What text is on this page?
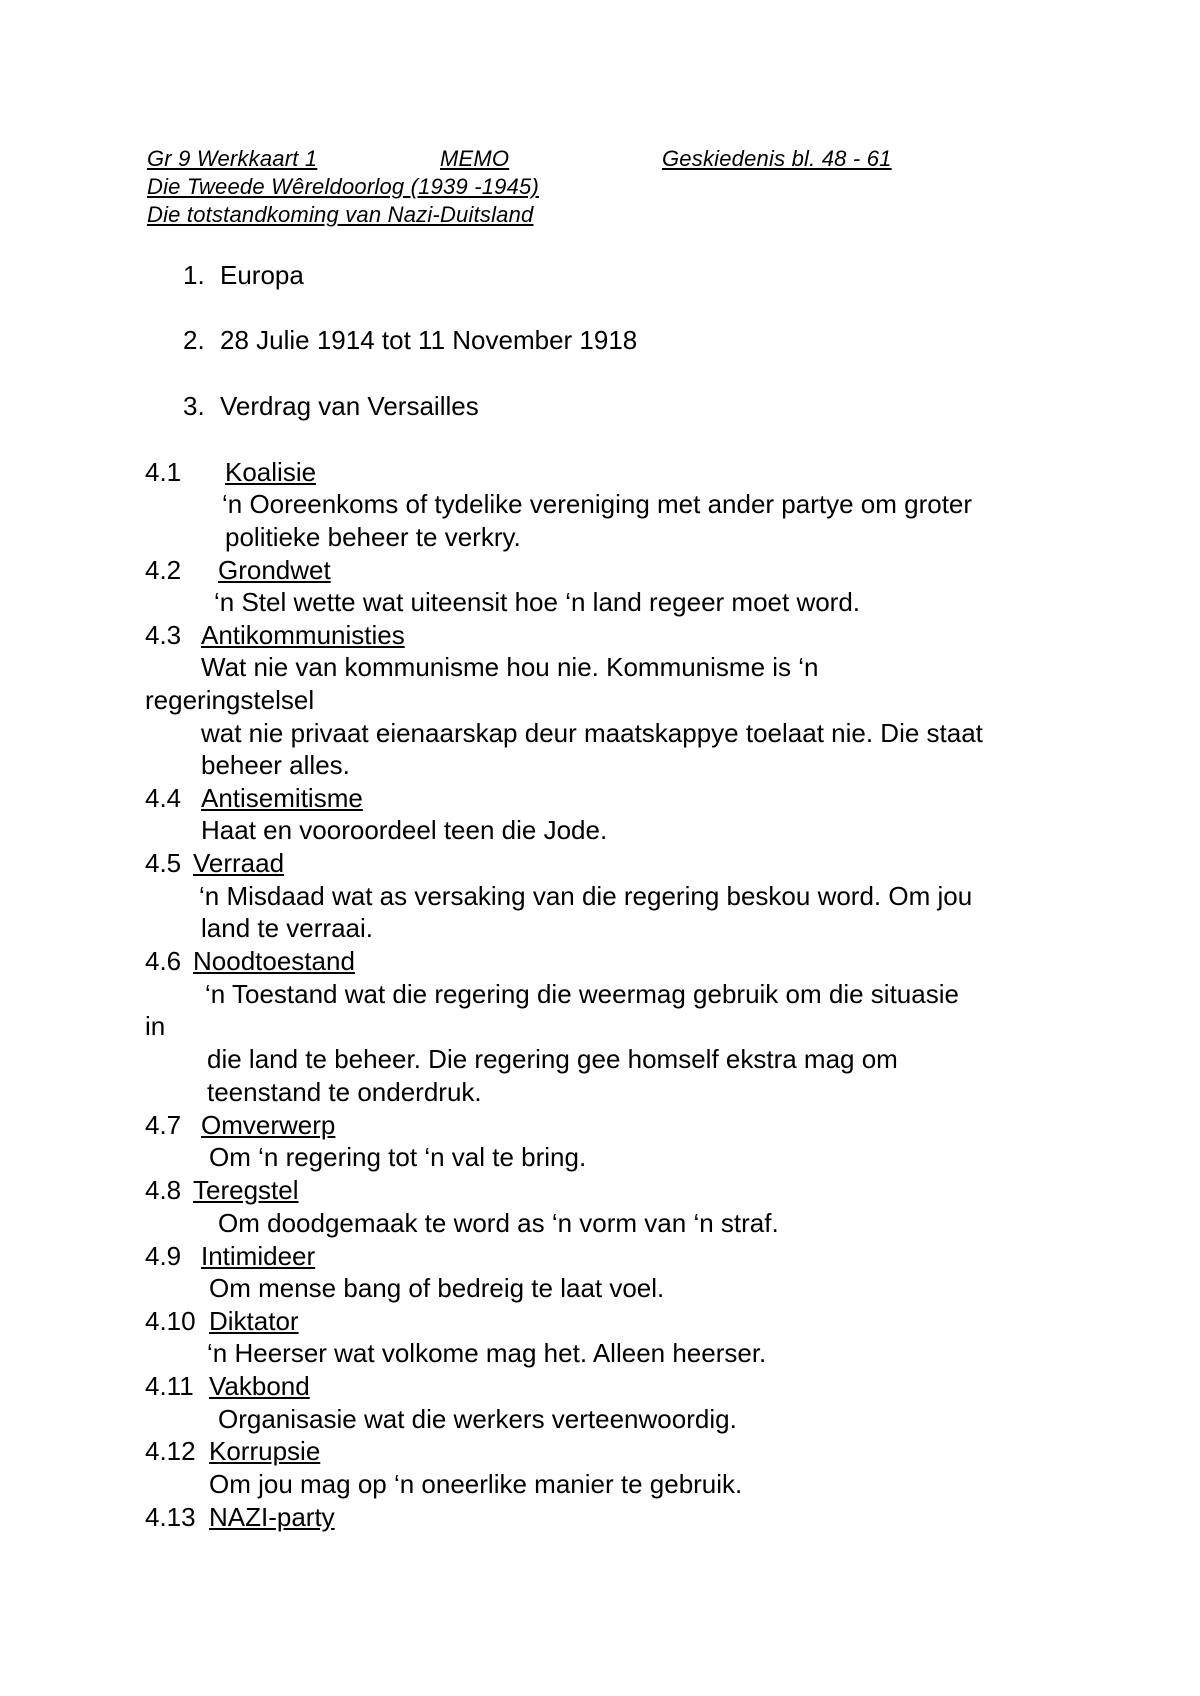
Gr 9 Werkkaart 1	MEMO	Geskiedenis bl. 48 - 61
Die Tweede Wêreldoorlog (1939 -1945)
Die totstandkoming van Nazi-Duitsland
1. Europa
2. 28 Julie 1914 tot 11 November 1918
3. Verdrag van Versailles
4.1 Koalisie
‘n Ooreenkoms of tydelike vereniging met ander partye om groter
politieke beheer te verkry.
4.2 Grondwet
‘n Stel wette wat uiteensit hoe ‘n land regeer moet word.
4.3 Antikommunisties
Wat nie van kommunisme hou nie. Kommunisme is ‘n
regeringstelsel
wat nie privaat eienaarskap deur maatskappye toelaat nie. Die staat
beheer alles.
4.4 Antisemitisme
Haat en vooroordeel teen die Jode.
4.5 Verraad
‘n Misdaad wat as versaking van die regering beskou word. Om jou
land te verraai.
4.6 Noodtoestand
‘n Toestand wat die regering die weermag gebruik om die situasie
in
die land te beheer. Die regering gee homself ekstra mag om
teenstand te onderdruk.
4.7 Omverwerp
Om ‘n regering tot ‘n val te bring.
4.8 Teregstel
Om doodgemaak te word as ‘n vorm van ‘n straf.
4.9 Intimideer
Om mense bang of bedreig te laat voel.
4.10 Diktator
‘n Heerser wat volkome mag het. Alleen heerser.
4.11 Vakbond
Organisasie wat die werkers verteenwoordig.
4.12 Korrupsie
Om jou mag op ‘n oneerlike manier te gebruik.
4.13 NAZI-party
